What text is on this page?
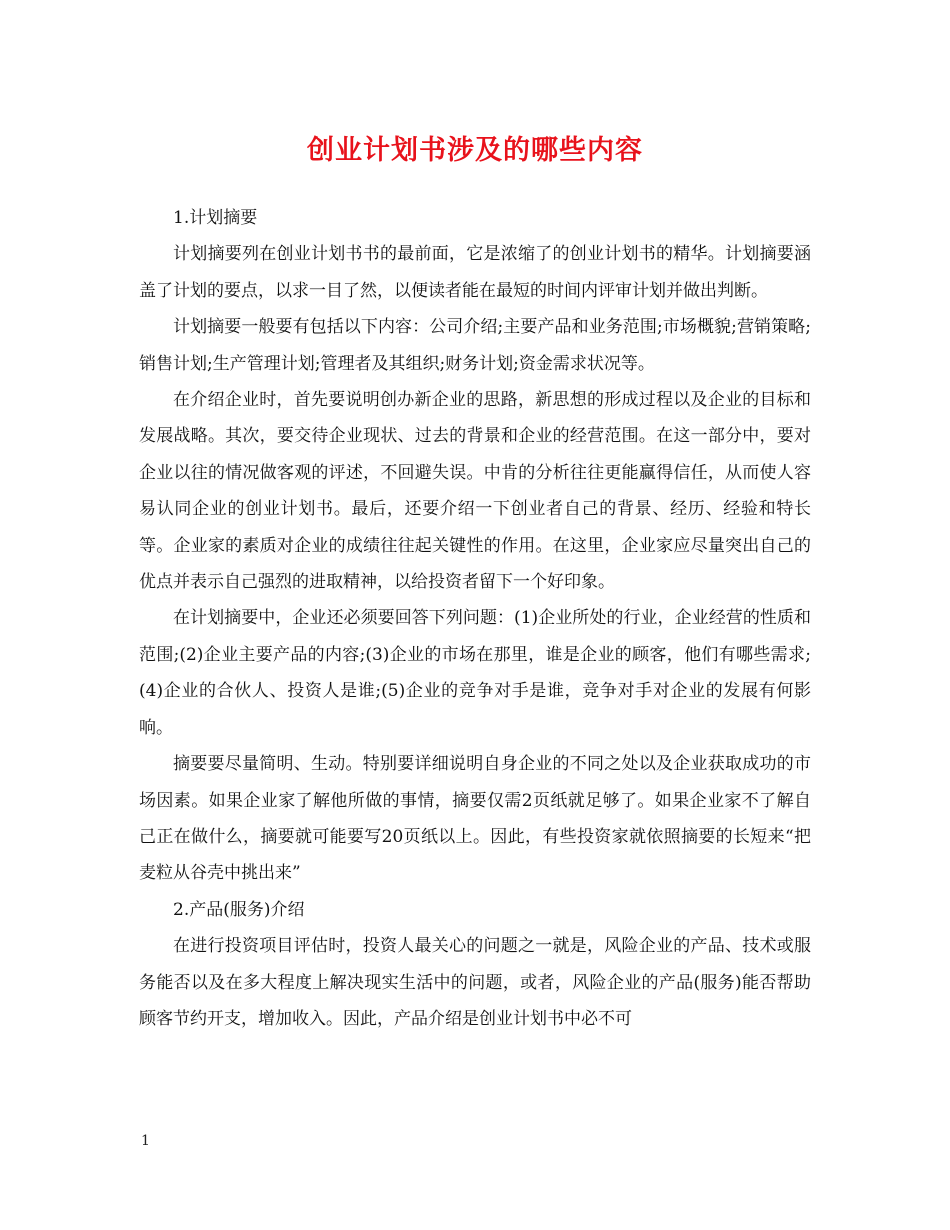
创业计划书涉及的哪些内容

1.计划摘要

计划摘要列在创业计划书书的最前面，它是浓缩了的创业计划书的精华。计划摘要涵盖了计划的要点，以求一目了然，以便读者能在最短的时间内评审计划并做出判断。

计划摘要一般要有包括以下内容：公司介绍;主要产品和业务范围;市场概貌;营销策略;销售计划;生产管理计划;管理者及其组织;财务计划;资金需求状况等。

在介绍企业时，首先要说明创办新企业的思路，新思想的形成过程以及企业的目标和发展战略。其次，要交待企业现状、过去的背景和企业的经营范围。在这一部分中，要对企业以往的情况做客观的评述，不回避失误。中肯的分析往往更能赢得信任，从而使人容易认同企业的创业计划书。最后，还要介绍一下创业者自己的背景、经历、经验和特长等。企业家的素质对企业的成绩往往起关键性的作用。在这里，企业家应尽量突出自己的优点并表示自己强烈的进取精神，以给投资者留下一个好印象。

在计划摘要中，企业还必须要回答下列问题：(1)企业所处的行业，企业经营的性质和范围;(2)企业主要产品的内容;(3)企业的市场在那里，谁是企业的顾客，他们有哪些需求;(4)企业的合伙人、投资人是谁;(5)企业的竞争对手是谁，竞争对手对企业的发展有何影响。

摘要要尽量简明、生动。特别要详细说明自身企业的不同之处以及企业获取成功的市场因素。如果企业家了解他所做的事情，摘要仅需2页纸就足够了。如果企业家不了解自己正在做什么，摘要就可能要写20页纸以上。因此，有些投资家就依照摘要的长短来“把麦粒从谷壳中挑出来”

2.产品(服务)介绍

在进行投资项目评估时，投资人最关心的问题之一就是，风险企业的产品、技术或服务能否以及在多大程度上解决现实生活中的问题，或者，风险企业的产品(服务)能否帮助顾客节约开支，增加收入。因此，产品介绍是创业计划书中必不可

1
